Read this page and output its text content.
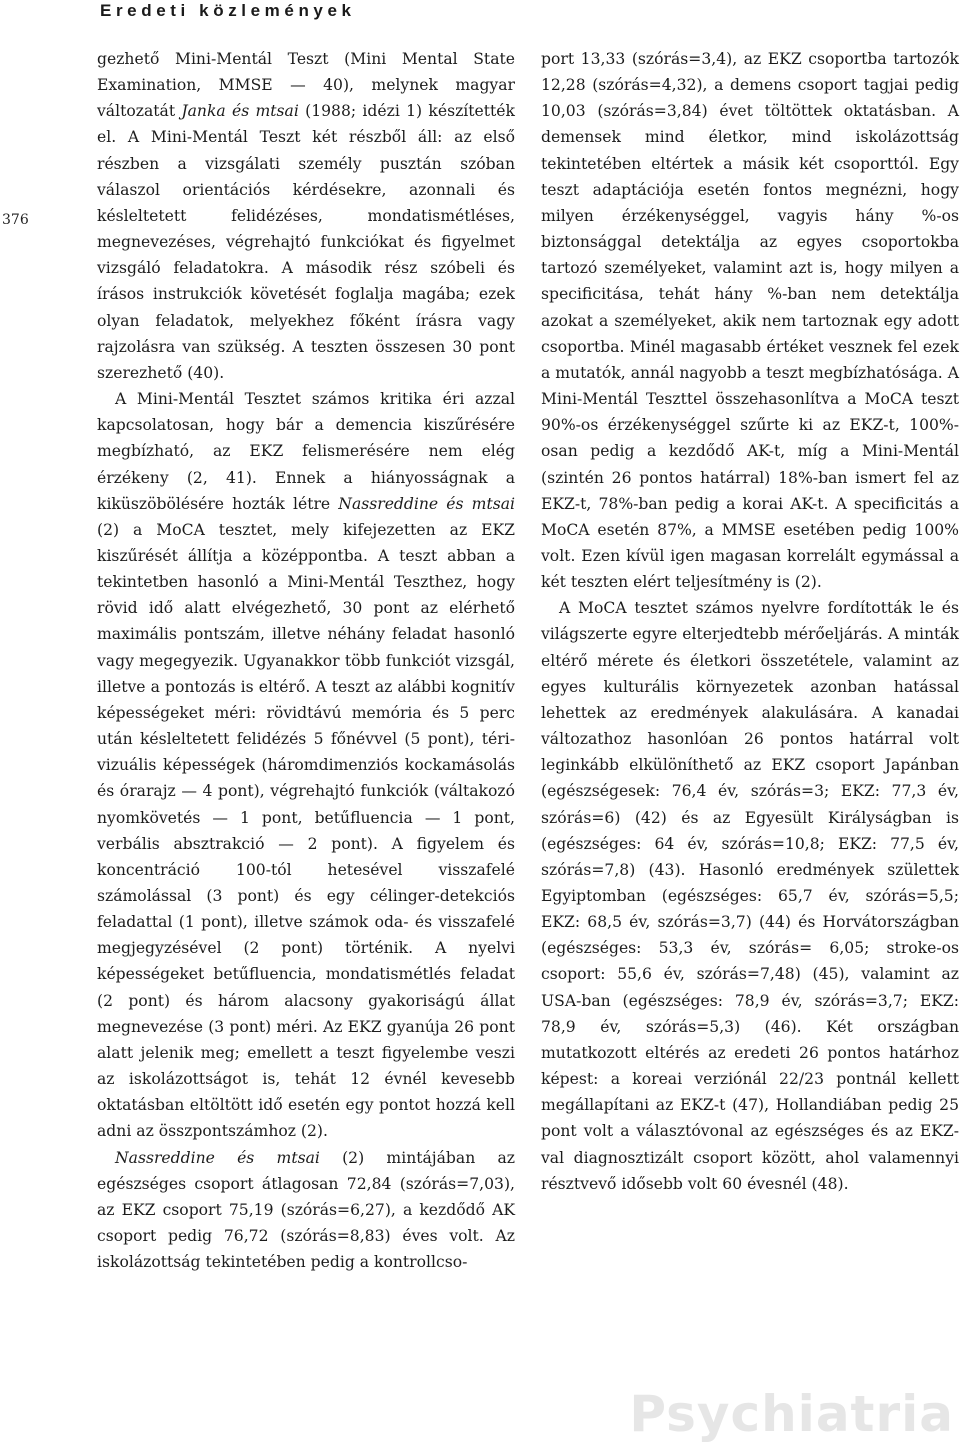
Eredeti közlemények
376

gezhető Mini-Mentál Teszt (Mini Mental State Examination, MMSE — 40), melynek magyar változatát Janka és mtsai (1988; idézi 1) készítették el. A Mini-Mentál Teszt két részből áll: az első részben a vizsgálati személy pusztán szóban válaszol orientációs kérdésekre, azonnali és késleltetett felidézéses, mondatismétléses, megnevezéses, végrehajtó funkciókat és figyelmet vizsgáló feladatokra. A második rész szóbeli és írásos instrukciók követését foglalja magába; ezek olyan feladatok, melyekhez főként írásra vagy rajzolásra van szükség. A teszten összesen 30 pont szerezhető (40).

A Mini-Mentál Tesztet számos kritika éri azzal kapcsolatosan, hogy bár a demencia kiszűrésére megbízható, az EKZ felismerésére nem elég érzékeny (2, 41). Ennek a hiányosságnak a kiküszöbölésére hozták létre Nassreddine és mtsai (2) a MoCA tesztet, mely kifejezetten az EKZ kiszűrését állítja a középpontba. A teszt abban a tekintetben hasonló a Mini-Mentál Teszthez, hogy rövid idő alatt elvégezhető, 30 pont az elérhető maximális pontszám, illetve néhány feladat hasonló vagy megegyezik. Ugyanakkor több funkciót vizsgál, illetve a pontozás is eltérő. A teszt az alábbi kognitív képességeket méri: rövidtávú memória és 5 perc után késleltetett felidézés 5 főnévvel (5 pont), téri-vizuális képességek (háromdimenziós kockamásolás és órarajz — 4 pont), végrehajtó funkciók (váltakozó nyomkövetés — 1 pont, betűfluencia — 1 pont, verbális absztrakció — 2 pont). A figyelem és koncentráció 100-tól hetesével visszafelé számolással (3 pont) és egy célinger-detekciós feladattal (1 pont), illetve számok oda- és visszafelé megjegyzésével (2 pont) történik. A nyelvi képességeket betűfluencia, mondatismétlés feladat (2 pont) és három alacsony gyakoriságú állat megnevezése (3 pont) méri. Az EKZ gyanúja 26 pont alatt jelenik meg; emellett a teszt figyelembe veszi az iskolázottságot is, tehát 12 évnél kevesebb oktatásban eltöltött idő esetén egy pontot hozzá kell adni az összpontszámhoz (2).

Nassreddine és mtsai (2) mintájában az egészséges csoport átlagosan 72,84 (szórás=7,03), az EKZ csoport 75,19 (szórás=6,27), a kezdődő AK csoport pedig 76,72 (szórás=8,83) éves volt. Az iskolázottság tekintetében pedig a kontrollcso-

port 13,33 (szórás=3,4), az EKZ csoportba tartozók 12,28 (szórás=4,32), a demens csoport tagjai pedig 10,03 (szórás=3,84) évet töltöttek oktatásban. A demensek mind életkor, mind iskolázottság tekintetében eltértek a másik két csoporttól. Egy teszt adaptációja esetén fontos megnézni, hogy milyen érzékenységgel, vagyis hány %-os biztonsággal detektálja az egyes csoportokba tartozó személyeket, valamint azt is, hogy milyen a specificitása, tehát hány %-ban nem detektálja azokat a személyeket, akik nem tartoznak egy adott csoportba. Minél magasabb értéket vesznek fel ezek a mutatók, annál nagyobb a teszt megbízhatósága. A Mini-Mentál Teszttel összehasonlítva a MoCA teszt 90%-os érzékenységgel szűrte ki az EKZ-t, 100%-osan pedig a kezdődő AK-t, míg a Mini-Mentál (szintén 26 pontos határral) 18%-ban ismert fel az EKZ-t, 78%-ban pedig a korai AK-t. A specificitás a MoCA esetén 87%, a MMSE esetében pedig 100% volt. Ezen kívül igen magasan korrelált egymással a két teszten elért teljesítmény is (2).

A MoCA tesztet számos nyelvre fordították le és világszerte egyre elterjedtebb mérőeljárás. A minták eltérő mérete és életkori összetétele, valamint az egyes kulturális környezetek azonban hatással lehettek az eredmények alakulására. A kanadai változathoz hasonlóan 26 pontos határral volt leginkább elkülöníthető az EKZ csoport Japánban (egészségesek: 76,4 év, szórás=3; EKZ: 77,3 év, szórás=6) (42) és az Egyesült Királyságban is (egészséges: 64 év, szórás=10,8; EKZ: 77,5 év, szórás=7,8) (43). Hasonló eredmények születtek Egyiptomban (egészséges: 65,7 év, szórás=5,5; EKZ: 68,5 év, szórás=3,7) (44) és Horvátországban (egészséges: 53,3 év, szórás= 6,05; stroke-os csoport: 55,6 év, szórás=7,48) (45), valamint az USA-ban (egészséges: 78,9 év, szórás=3,7; EKZ: 78,9 év, szórás=5,3) (46). Két országban mutatkozott eltérés az eredeti 26 pontos határhoz képest: a koreai verziónál 22/23 pontnál kellett megállapítani az EKZ-t (47), Hollandiában pedig 25 pont volt a választóvonal az egészséges és az EKZ-val diagnosztizált csoport között, ahol valamennyi résztvevő idősebb volt 60 évesnél (48).

Psychiatria
